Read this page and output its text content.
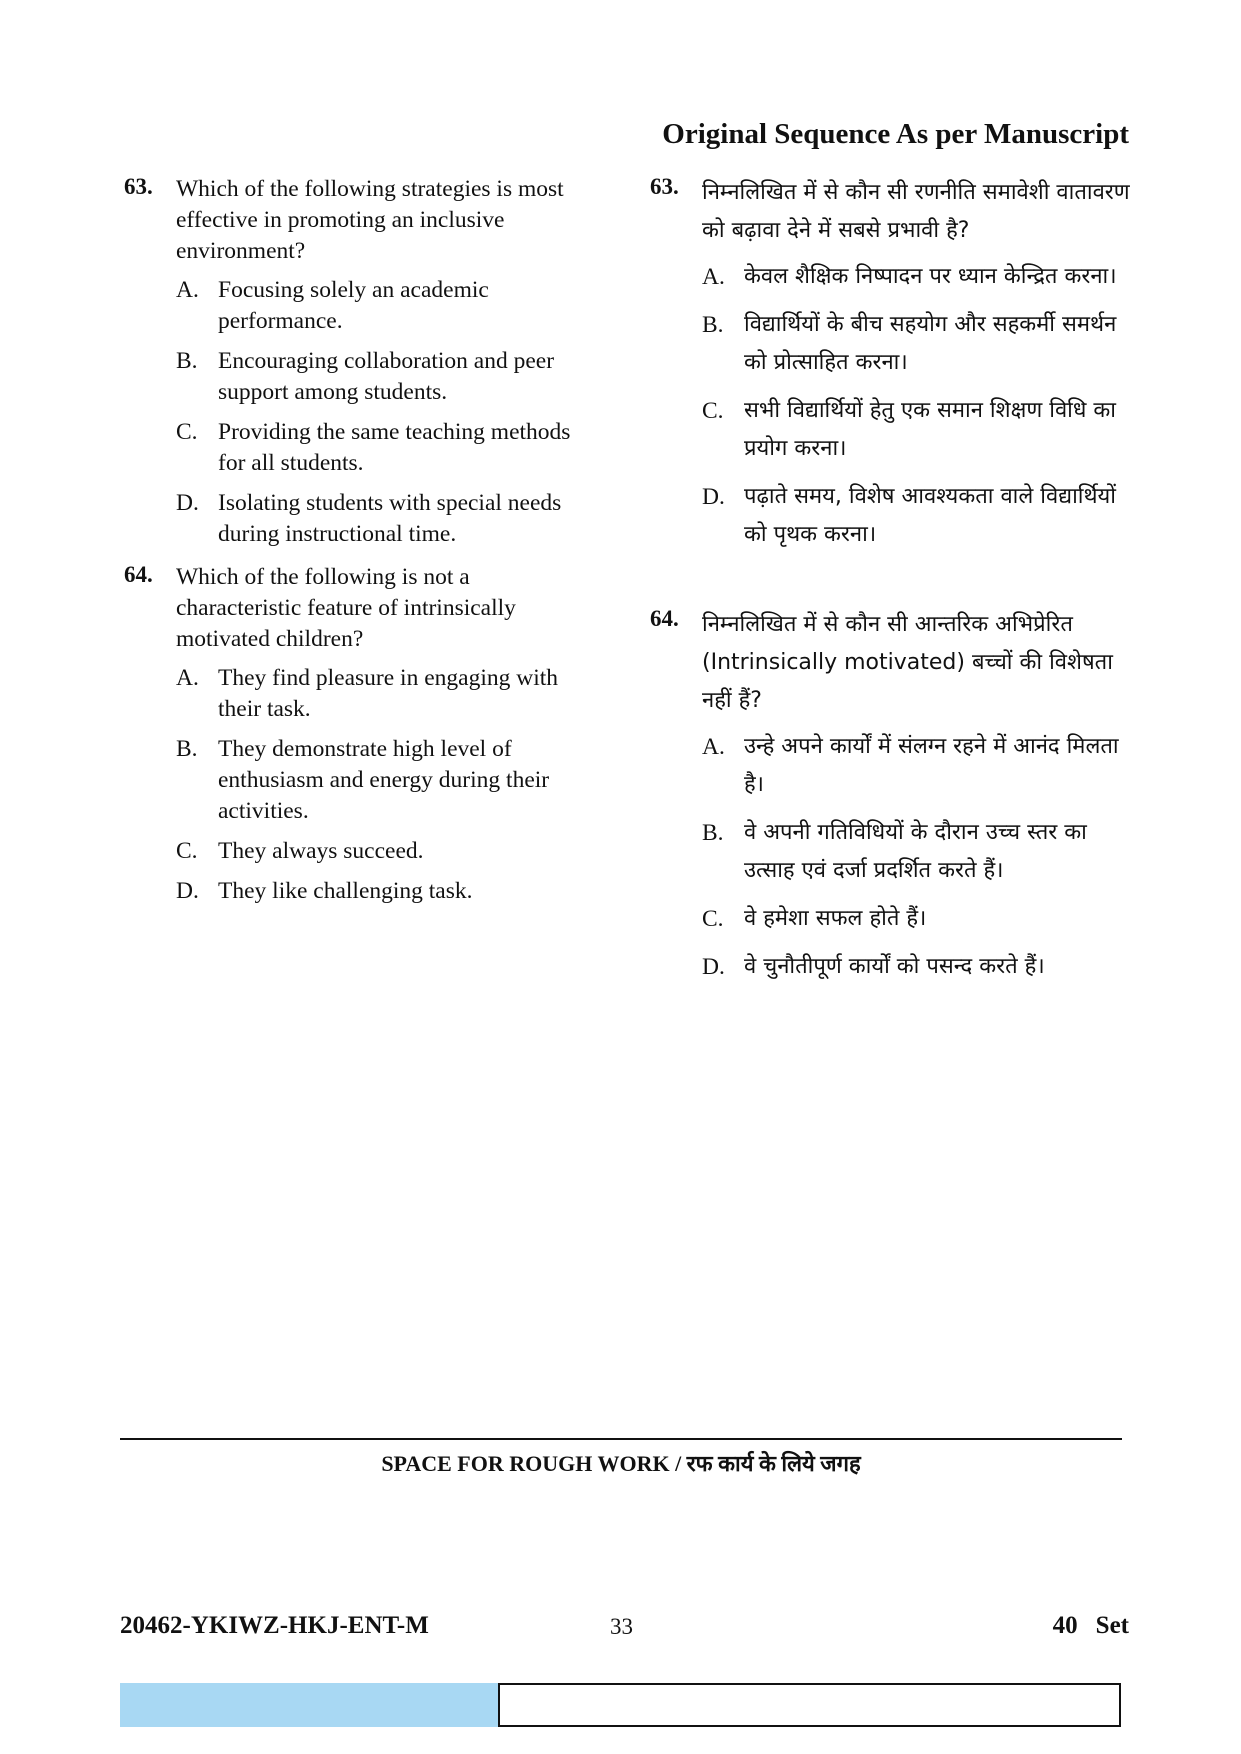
Original Sequence As per Manuscript
63. Which of the following strategies is most effective in promoting an inclusive environment?
A. Focusing solely an academic performance.
B. Encouraging collaboration and peer support among students.
C. Providing the same teaching methods for all students.
D. Isolating students with special needs during instructional time.
64. Which of the following is not a characteristic feature of intrinsically motivated children?
A. They find pleasure in engaging with their task.
B. They demonstrate high level of enthusiasm and energy during their activities.
C. They always succeed.
D. They like challenging task.
63. निम्नलिखित में से कौन सी रणनीति समावेशी वातावरण को बढ़ावा देने में सबसे प्रभावी है?
A. केवल शैक्षिक निष्पादन पर ध्यान केन्द्रित करना।
B. विद्यार्थियों के बीच सहयोग और सहकर्मी समर्थन को प्रोत्साहित करना।
C. सभी विद्यार्थियों हेतु एक समान शिक्षण विधि का प्रयोग करना।
D. पढ़ाते समय, विशेष आवश्यकता वाले विद्यार्थियों को पृथक करना।
64. निम्नलिखित में से कौन सी आन्तरिक अभिप्रेरित (Intrinsically motivated) बच्चों की विशेषता नहीं हैं?
A. उन्हे अपने कार्यों में संलग्न रहने में आनंद मिलता है।
B. वे अपनी गतिविधियों के दौरान उच्च स्तर का उत्साह एवं दर्जा प्रदर्शित करते हैं।
C. वे हमेशा सफल होते हैं।
D. वे चुनौतीपूर्ण कार्यों को पसन्द करते हैं।
SPACE FOR ROUGH WORK / रफ कार्य के लिये जगह
20462-YKIWZ-HKJ-ENT-M	33	40 Set
